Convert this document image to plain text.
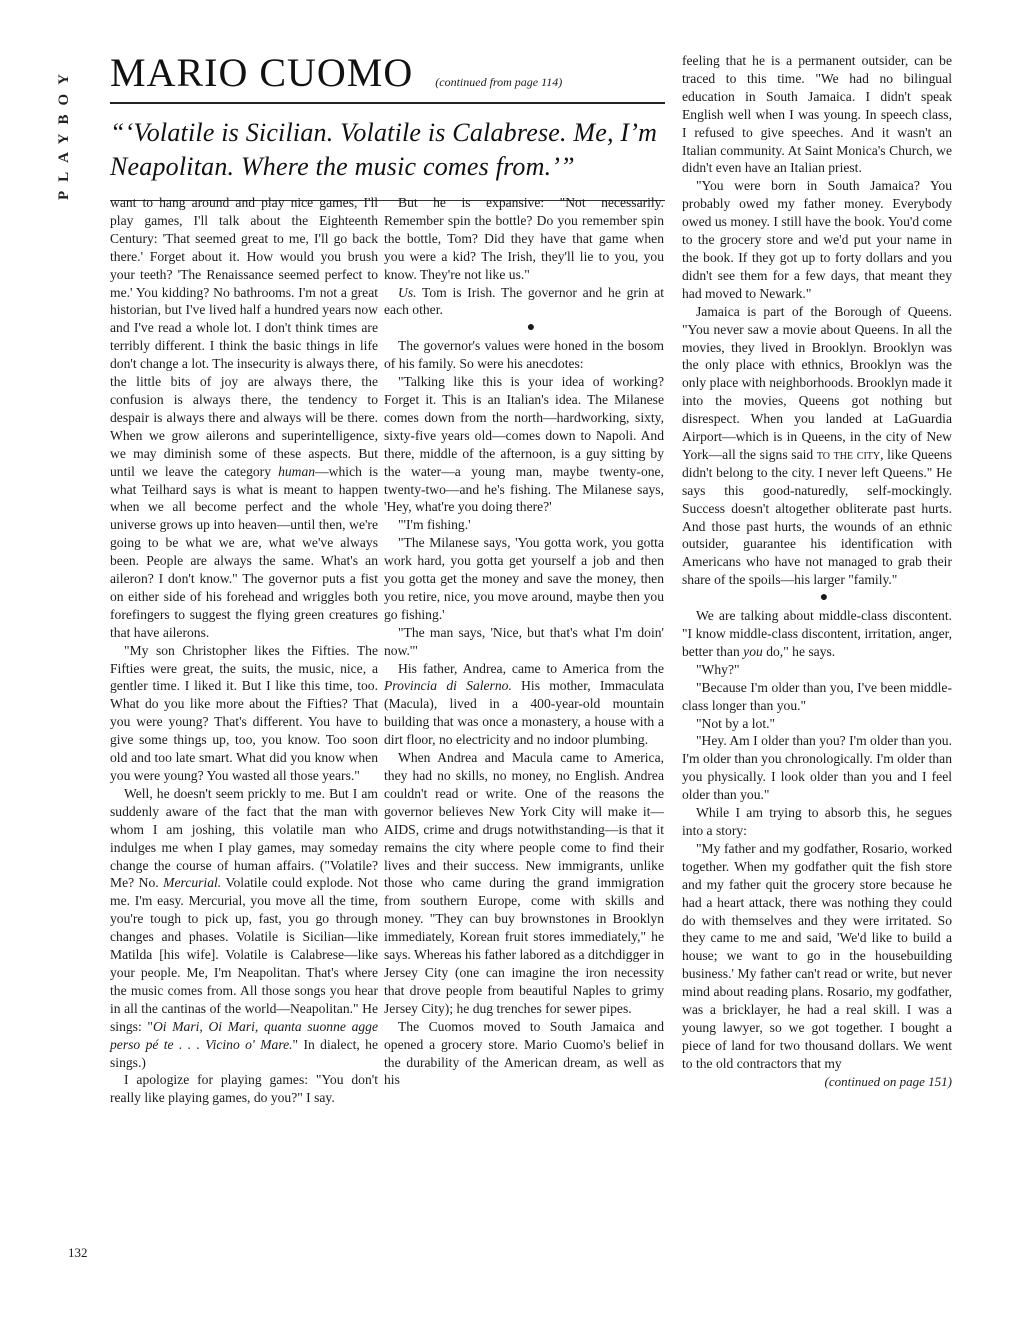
PLAYBOY MARIO CUOMO (continued from page 114)
“‘Volatile is Sicilian. Volatile is Calabrese. Me, I’m Neapolitan. Where the music comes from.’”

want to hang around and play nice games, I'll play games, I'll talk about the Eighteenth Century: 'That seemed great to me, I'll go back there.' Forget about it. How would you brush your teeth? 'The Renaissance seemed perfect to me.' You kidding? No bathrooms. I'm not a great historian, but I've lived half a hundred years now and I've read a whole lot. I don't think times are terribly different. I think the basic things in life don't change a lot. The insecurity is always there, the little bits of joy are always there, the confusion is always there, the tendency to despair is always there and always will be there. When we grow ailerons and superintelligence, we may diminish some of these aspects. But until we leave the category human—which is what Teilhard says is what is meant to happen when we all become perfect and the whole universe grows up into heaven—until then, we're going to be what we are, what we've always been. People are always the same. What's an aileron? I don't know." The governor puts a fist on either side of his forehead and wriggles both forefingers to suggest the flying green creatures that have ailerons.

"My son Christopher likes the Fifties. The Fifties were great, the suits, the music, nice, a gentler time. I liked it. But I like this time, too. What do you like more about the Fifties? That you were young? That's different. You have to give some things up, too, you know. Too soon old and too late smart. What did you know when you were young? You wasted all those years."

Well, he doesn't seem prickly to me. But I am suddenly aware of the fact that the man with whom I am joshing, this volatile man who indulges me when I play games, may someday change the course of human affairs. ("Volatile? Me? No. Mercurial. Volatile could explode. Not me. I'm easy. Mercurial, you move all the time, you're tough to pick up, fast, you go through changes and phases. Volatile is Sicilian—like Matilda [his wife]. Volatile is Calabrese—like your people. Me, I'm Neapolitan. That's where the music comes from. All those songs you hear in all the cantinas of the world—Neapolitan." He sings: "Oi Mari, Oi Mari, quanta suonne agge perso pé te . . . Vicino o' Mare." In dialect, he sings.)

I apologize for playing games: "You don't really like playing games, do you?" I say.

But he is expansive: "Not necessarily. Remember spin the bottle? Do you remember spin the bottle, Tom? Did they have that game when you were a kid? The Irish, they'll lie to you, you know. They're not like us."

Us. Tom is Irish. The governor and he grin at each other.

●

The governor's values were honed in the bosom of his family. So were his anecdotes:

"Talking like this is your idea of working? Forget it. This is an Italian's idea. The Milanese comes down from the north—hardworking, sixty, sixty-five years old—comes down to Napoli. And there, middle of the afternoon, is a guy sitting by the water—a young man, maybe twenty-one, twenty-two—and he's fishing. The Milanese says, 'Hey, what're you doing there?'

"'I'm fishing.'

"The Milanese says, 'You gotta work, you gotta work hard, you gotta get yourself a job and then you gotta get the money and save the money, then you retire, nice, you move around, maybe then you go fishing.'

"The man says, 'Nice, but that's what I'm doin' now.'"

His father, Andrea, came to America from the Provincia di Salerno. His mother, Immaculata (Macula), lived in a 400-year-old mountain building that was once a monastery, a house with a dirt floor, no electricity and no indoor plumbing.

When Andrea and Macula came to America, they had no skills, no money, no English. Andrea couldn't read or write. One of the reasons the governor believes New York City will make it—AIDS, crime and drugs notwithstanding—is that it remains the city where people come to find their lives and their success. New immigrants, unlike those who came during the grand immigration from southern Europe, come with skills and money. "They can buy brownstones in Brooklyn immediately, Korean fruit stores immediately," he says. Whereas his father labored as a ditchdigger in Jersey City (one can imagine the iron necessity that drove people from beautiful Naples to grimy Jersey City); he dug trenches for sewer pipes.

The Cuomos moved to South Jamaica and opened a grocery store. Mario Cuomo's belief in the durability of the American dream, as well as his

feeling that he is a permanent outsider, can be traced to this time. "We had no bilingual education in South Jamaica. I didn't speak English well when I was young. In speech class, I refused to give speeches. And it wasn't an Italian community. At Saint Monica's Church, we didn't even have an Italian priest.

"You were born in South Jamaica? You probably owed my father money. Everybody owed us money. I still have the book. You'd come to the grocery store and we'd put your name in the book. If they got up to forty dollars and you didn't see them for a few days, that meant they had moved to Newark."

Jamaica is part of the Borough of Queens. "You never saw a movie about Queens. In all the movies, they lived in Brooklyn. Brooklyn was the only place with ethnics, Brooklyn was the only place with neighborhoods. Brooklyn made it into the movies, Queens got nothing but disrespect. When you landed at LaGuardia Airport—which is in Queens, in the city of New York—all the signs said to the city, like Queens didn't belong to the city. I never left Queens." He says this good-naturedly, self-mockingly. Success doesn't altogether obliterate past hurts. And those past hurts, the wounds of an ethnic outsider, guarantee his identification with Americans who have not managed to grab their share of the spoils—his larger "family."

●

We are talking about middle-class discontent. "I know middle-class discontent, irritation, anger, better than you do," he says.

"Why?"

"Because I'm older than you, I've been middle-class longer than you."

"Not by a lot."

"Hey. Am I older than you? I'm older than you. I'm older than you chronologically. I'm older than you physically. I look older than you and I feel older than you."

While I am trying to absorb this, he segues into a story:

"My father and my godfather, Rosario, worked together. When my godfather quit the fish store and my father quit the grocery store because he had a heart attack, there was nothing they could do with themselves and they were irritated. So they came to me and said, 'We'd like to build a house; we want to go in the housebuilding business.' My father can't read or write, but never mind about reading plans. Rosario, my godfather, was a bricklayer, he had a real skill. I was a young lawyer, so we got together. I bought a piece of land for two thousand dollars. We went to the old contractors that my

(continued on page 151)

132
